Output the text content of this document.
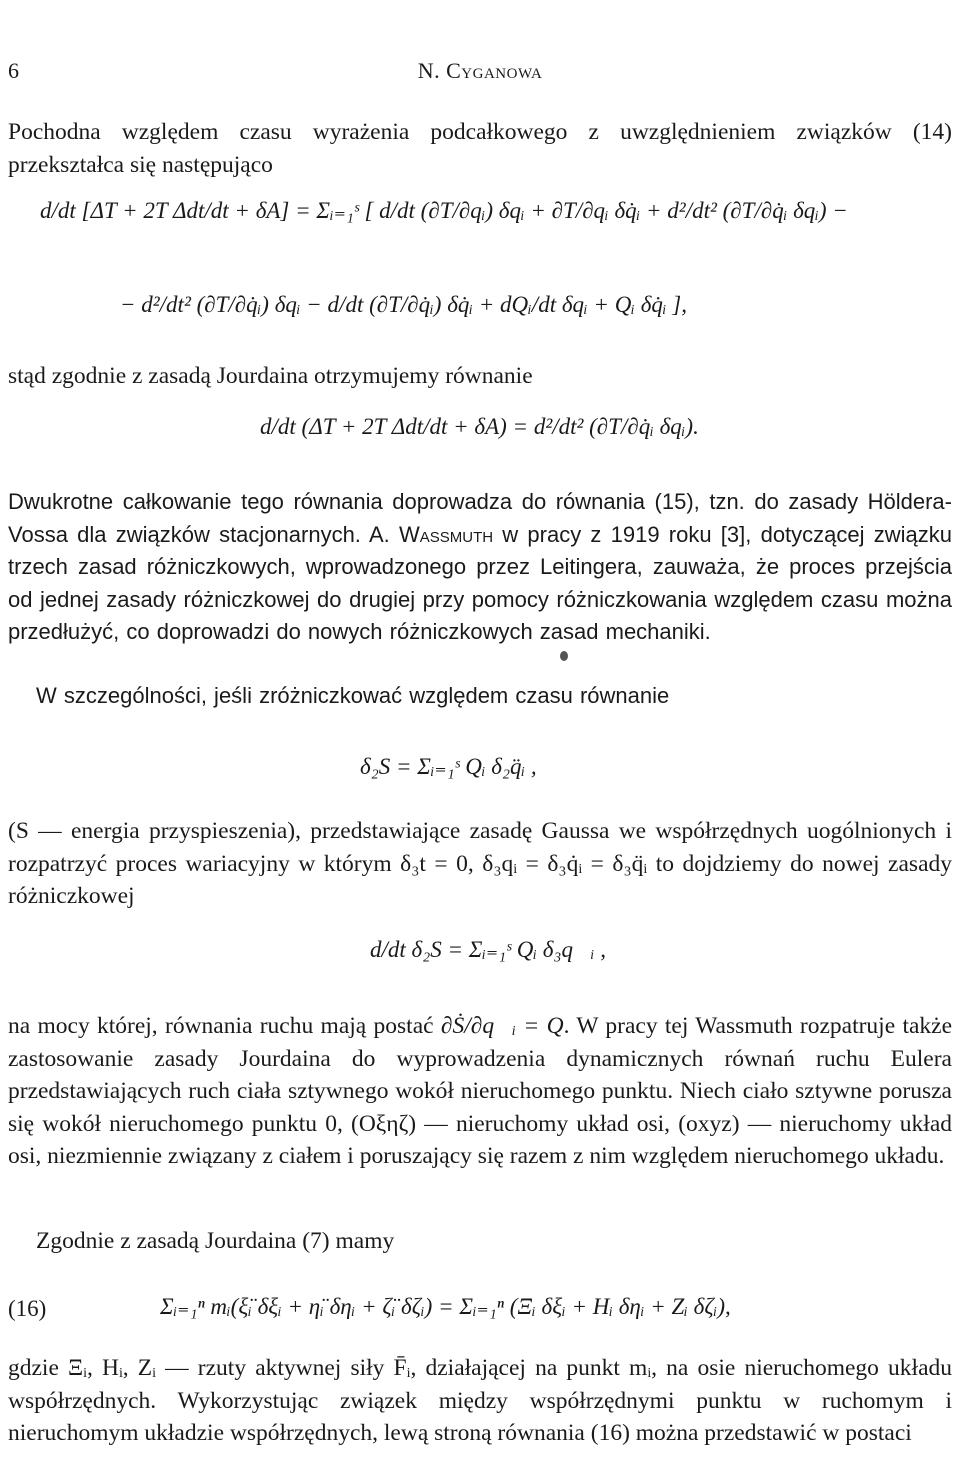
6	N. Cyganowa
Pochodna względem czasu wyrażenia podcałkowego z uwzględnieniem związków (14) przekształca się następująco
d/dt [ΔT + 2T Δdt/dt + δA] = Σᵢ₌₁ˢ [ d/dt (∂T/∂qᵢ) δqᵢ + ∂T/∂qᵢ δq̇ᵢ + d²/dt² (∂T/∂q̇ᵢ δqᵢ) −
− d²/dt² (∂T/∂q̇ᵢ) δqᵢ − d/dt (∂T/∂q̇ᵢ) δq̇ᵢ + dQᵢ/dt δqᵢ + Qᵢ δq̇ᵢ ],
stąd zgodnie z zasadą Jourdaina otrzymujemy równanie
d/dt (ΔT + 2T Δdt/dt + δA) = d²/dt² (∂T/∂q̇ᵢ δqᵢ).
Dwukrotne całkowanie tego równania doprowadza do równania (15), tzn. do zasady Höldera-Vossa dla związków stacjonarnych. A. Wassmuth w pracy z 1919 roku [3], dotyczącej związku trzech zasad różniczkowych, wprowadzonego przez Leitingera, zauważa, że proces przejścia od jednej zasady różniczkowej do drugiej przy pomocy różniczkowania względem czasu można przedłużyć, co doprowadzi do nowych różniczkowych zasad mechaniki.
W szczególności, jeśli zróżniczkować względem czasu równanie
δ₂S = Σᵢ₌₁ˢ Qᵢ δ₂q̈ᵢ ,
(S — energia przyspieszenia), przedstawiające zasadę Gaussa we współrzędnych uogólnionych i rozpatrzyć proces wariacyjny w którym δ₃t = 0, δ₃qᵢ = δ₃q̇ᵢ = δ₃q̈ᵢ to dojdziemy do nowej zasady różniczkowej
d/dt δ₂S = Σᵢ₌₁ˢ Qᵢ δ₃q⃛ᵢ ,
na mocy której, równania ruchu mają postać ∂Ṡ/∂q⃛ᵢ = Q. W pracy tej Wassmuth rozpatruje także zastosowanie zasady Jourdaina do wyprowadzenia dynamicznych równań ruchu Eulera przedstawiających ruch ciała sztywnego wokół nieruchomego punktu. Niech ciało sztywne porusza się wokół nieruchomego punktu 0, (Oξηζ) — nieruchomy układ osi, (oxyz) — nieruchomy układ osi, niezmiennie związany z ciałem i poruszający się razem z nim względem nieruchomego układu.
Zgodnie z zasadą Jourdaina (7) mamy
(16)	Σᵢ₌₁ⁿ mᵢ(ξ̈ᵢ δξᵢ + η̈ᵢ δηᵢ + ζ̈ᵢ δζᵢ) = Σᵢ₌₁ⁿ (Ξᵢ δξᵢ + Hᵢ δηᵢ + Zᵢ δζᵢ),
gdzie Ξᵢ, Hᵢ, Zᵢ — rzuty aktywnej siły F̄ᵢ, działającej na punkt mᵢ, na osie nieruchomego układu współrzędnych. Wykorzystując związek między współrzędnymi punktu w ruchomym i nieruchomym układzie współrzędnych, lewą stroną równania (16) można przedstawić w postaci
